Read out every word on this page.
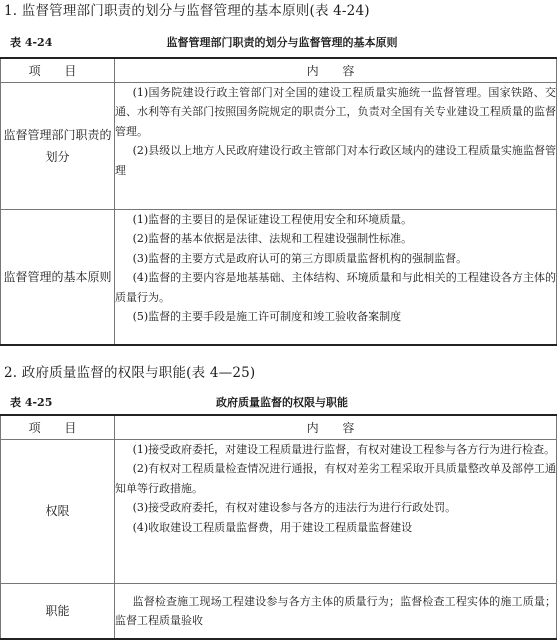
1. 监督管理部门职责的划分与监督管理的基本原则(表 4-24)
表 4-24	监督管理部门职责的划分与监督管理的基本原则
项 目	内 容
监督管理部门职责的划分	(1)国务院建设行政主管部门对全国的建设工程质量实施统一监督管理。国家铁路、交通、水利等有关部门按照国务院规定的职责分工，负责对全国有关专业建设工程质量的监督管理。

(2)县级以上地方人民政府建设行政主管部门对本行政区域内的建设工程质量实施监督管理

监督管理的基本原则	(1)监督的主要目的是保证建设工程使用安全和环境质量。

(2)监督的基本依据是法律、法规和工程建设强制性标准。

(3)监督的主要方式是政府认可的第三方即质量监督机构的强制监督。

(4)监督的主要内容是地基基础、主体结构、环境质量和与此相关的工程建设各方主体的质量行为。

(5)监督的主要手段是施工许可制度和竣工验收备案制度

2. 政府质量监督的权限与职能(表 4—25)
表 4-25	政府质量监督的权限与职能
项 目	内 容
权限	(1)接受政府委托，对建设工程质量进行监督，有权对建设工程参与各方行为进行检查。

(2)有权对工程质量检查情况进行通报，有权对差劣工程采取开具质量整改单及部停工通知单等行政措施。

(3)接受政府委托，有权对建设参与各方的违法行为进行行政处罚。

(4)收取建设工程质量监督费，用于建设工程质量监督建设

职能	监督检查施工现场工程建设参与各方主体的质量行为；监督检查工程实体的施工质量；监督工程质量验收
